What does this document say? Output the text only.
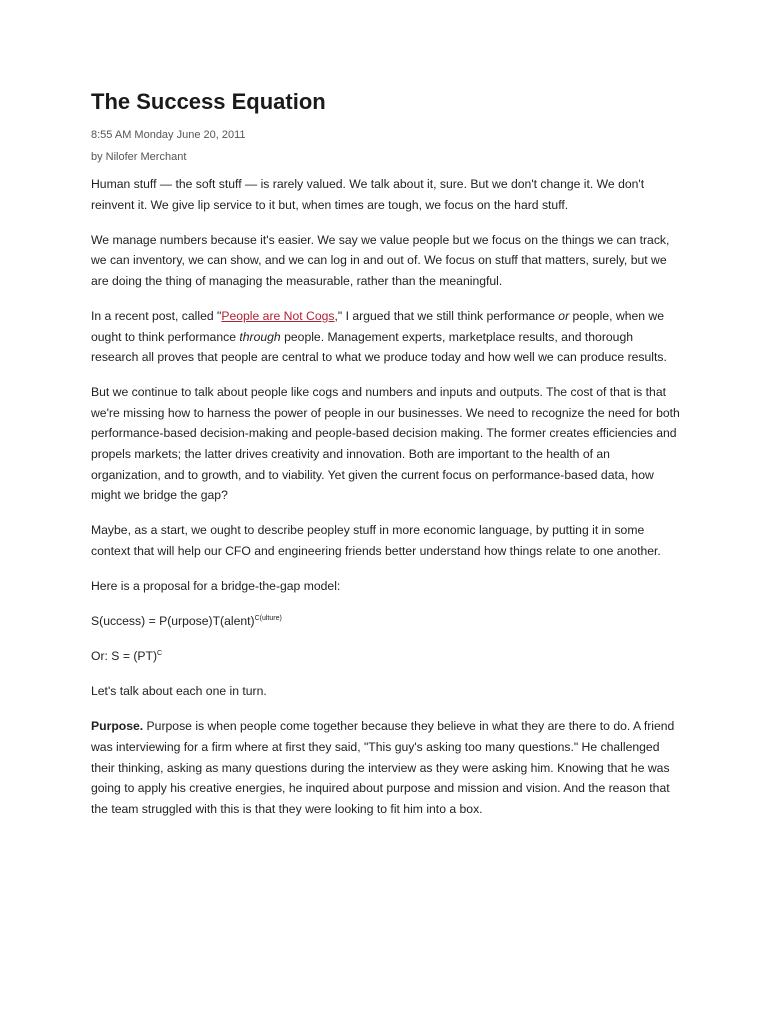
The Success Equation
8:55 AM Monday June 20, 2011
by Nilofer Merchant

Human stuff — the soft stuff — is rarely valued. We talk about it, sure. But we don't change it. We don't reinvent it. We give lip service to it but, when times are tough, we focus on the hard stuff.

We manage numbers because it's easier. We say we value people but we focus on the things we can track, we can inventory, we can show, and we can log in and out of. We focus on stuff that matters, surely, but we are doing the thing of managing the measurable, rather than the meaningful.

In a recent post, called "People are Not Cogs," I argued that we still think performance or people, when we ought to think performance through people. Management experts, marketplace results, and thorough research all proves that people are central to what we produce today and how well we can produce results.

But we continue to talk about people like cogs and numbers and inputs and outputs. The cost of that is that we're missing how to harness the power of people in our businesses. We need to recognize the need for both performance-based decision-making and people-based decision making. The former creates efficiencies and propels markets; the latter drives creativity and innovation. Both are important to the health of an organization, and to growth, and to viability. Yet given the current focus on performance-based data, how might we bridge the gap?

Maybe, as a start, we ought to describe peopley stuff in more economic language, by putting it in some context that will help our CFO and engineering friends better understand how things relate to one another.

Here is a proposal for a bridge-the-gap model:

S(uccess) = P(urpose)T(alent)$^{C(ulture)}$

Or: S = (PT)$^C$

Let's talk about each one in turn.

Purpose. Purpose is when people come together because they believe in what they are there to do. A friend was interviewing for a firm where at first they said, "This guy's asking too many questions." He challenged their thinking, asking as many questions during the interview as they were asking him. Knowing that he was going to apply his creative energies, he inquired about purpose and mission and vision. And the reason that the team struggled with this is that they were looking to fit him into a box.
